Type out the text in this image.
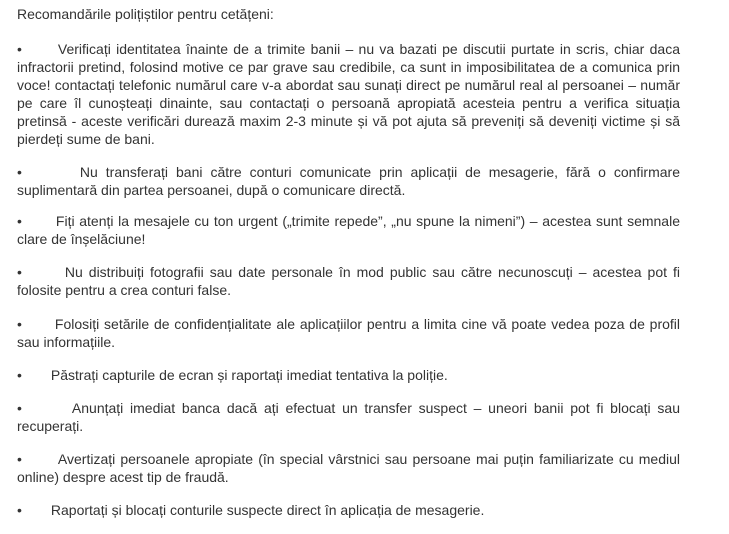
Recomandările polițiștilor pentru cetățeni:

•	Verificați identitatea înainte de a trimite banii – nu va bazati pe discutii purtate in scris, chiar daca infractorii pretind, folosind motive ce par grave sau credibile, ca sunt in imposibilitatea de a comunica prin voce! contactați telefonic numărul care v-a abordat sau sunați direct pe numărul real al persoanei – număr pe care îl cunoșteați dinainte, sau contactați o persoană apropiată acesteia pentru a verifica situația pretinsă - aceste verificări durează maxim 2-3 minute și vă pot ajuta să preveniți să deveniți victime și să pierdeți sume de bani.

•	Nu transferați bani către conturi comunicate prin aplicații de mesagerie, fără o confirmare suplimentară din partea persoanei, după o comunicare directă.

• Fiți atenți la mesajele cu ton urgent („trimite repede”, „nu spune la nimeni”) – acestea sunt semnale clare de înșelăciune!

•	Nu distribuiți fotografii sau date personale în mod public sau către necunoscuți – acestea pot fi folosite pentru a crea conturi false.

• Folosiți setările de confidențialitate ale aplicațiilor pentru a limita cine vă poate vedea poza de profil sau informațiile.

• Păstrați capturile de ecran și raportați imediat tentativa la poliție.

•	Anunțați imediat banca dacă ați efectuat un transfer suspect – uneori banii pot fi blocați sau recuperați.

•	Avertizați persoanele apropiate (în special vârstnici sau persoane mai puțin familiarizate cu mediul online) despre acest tip de fraudă.

• Raportați și blocați conturile suspecte direct în aplicația de mesagerie.
